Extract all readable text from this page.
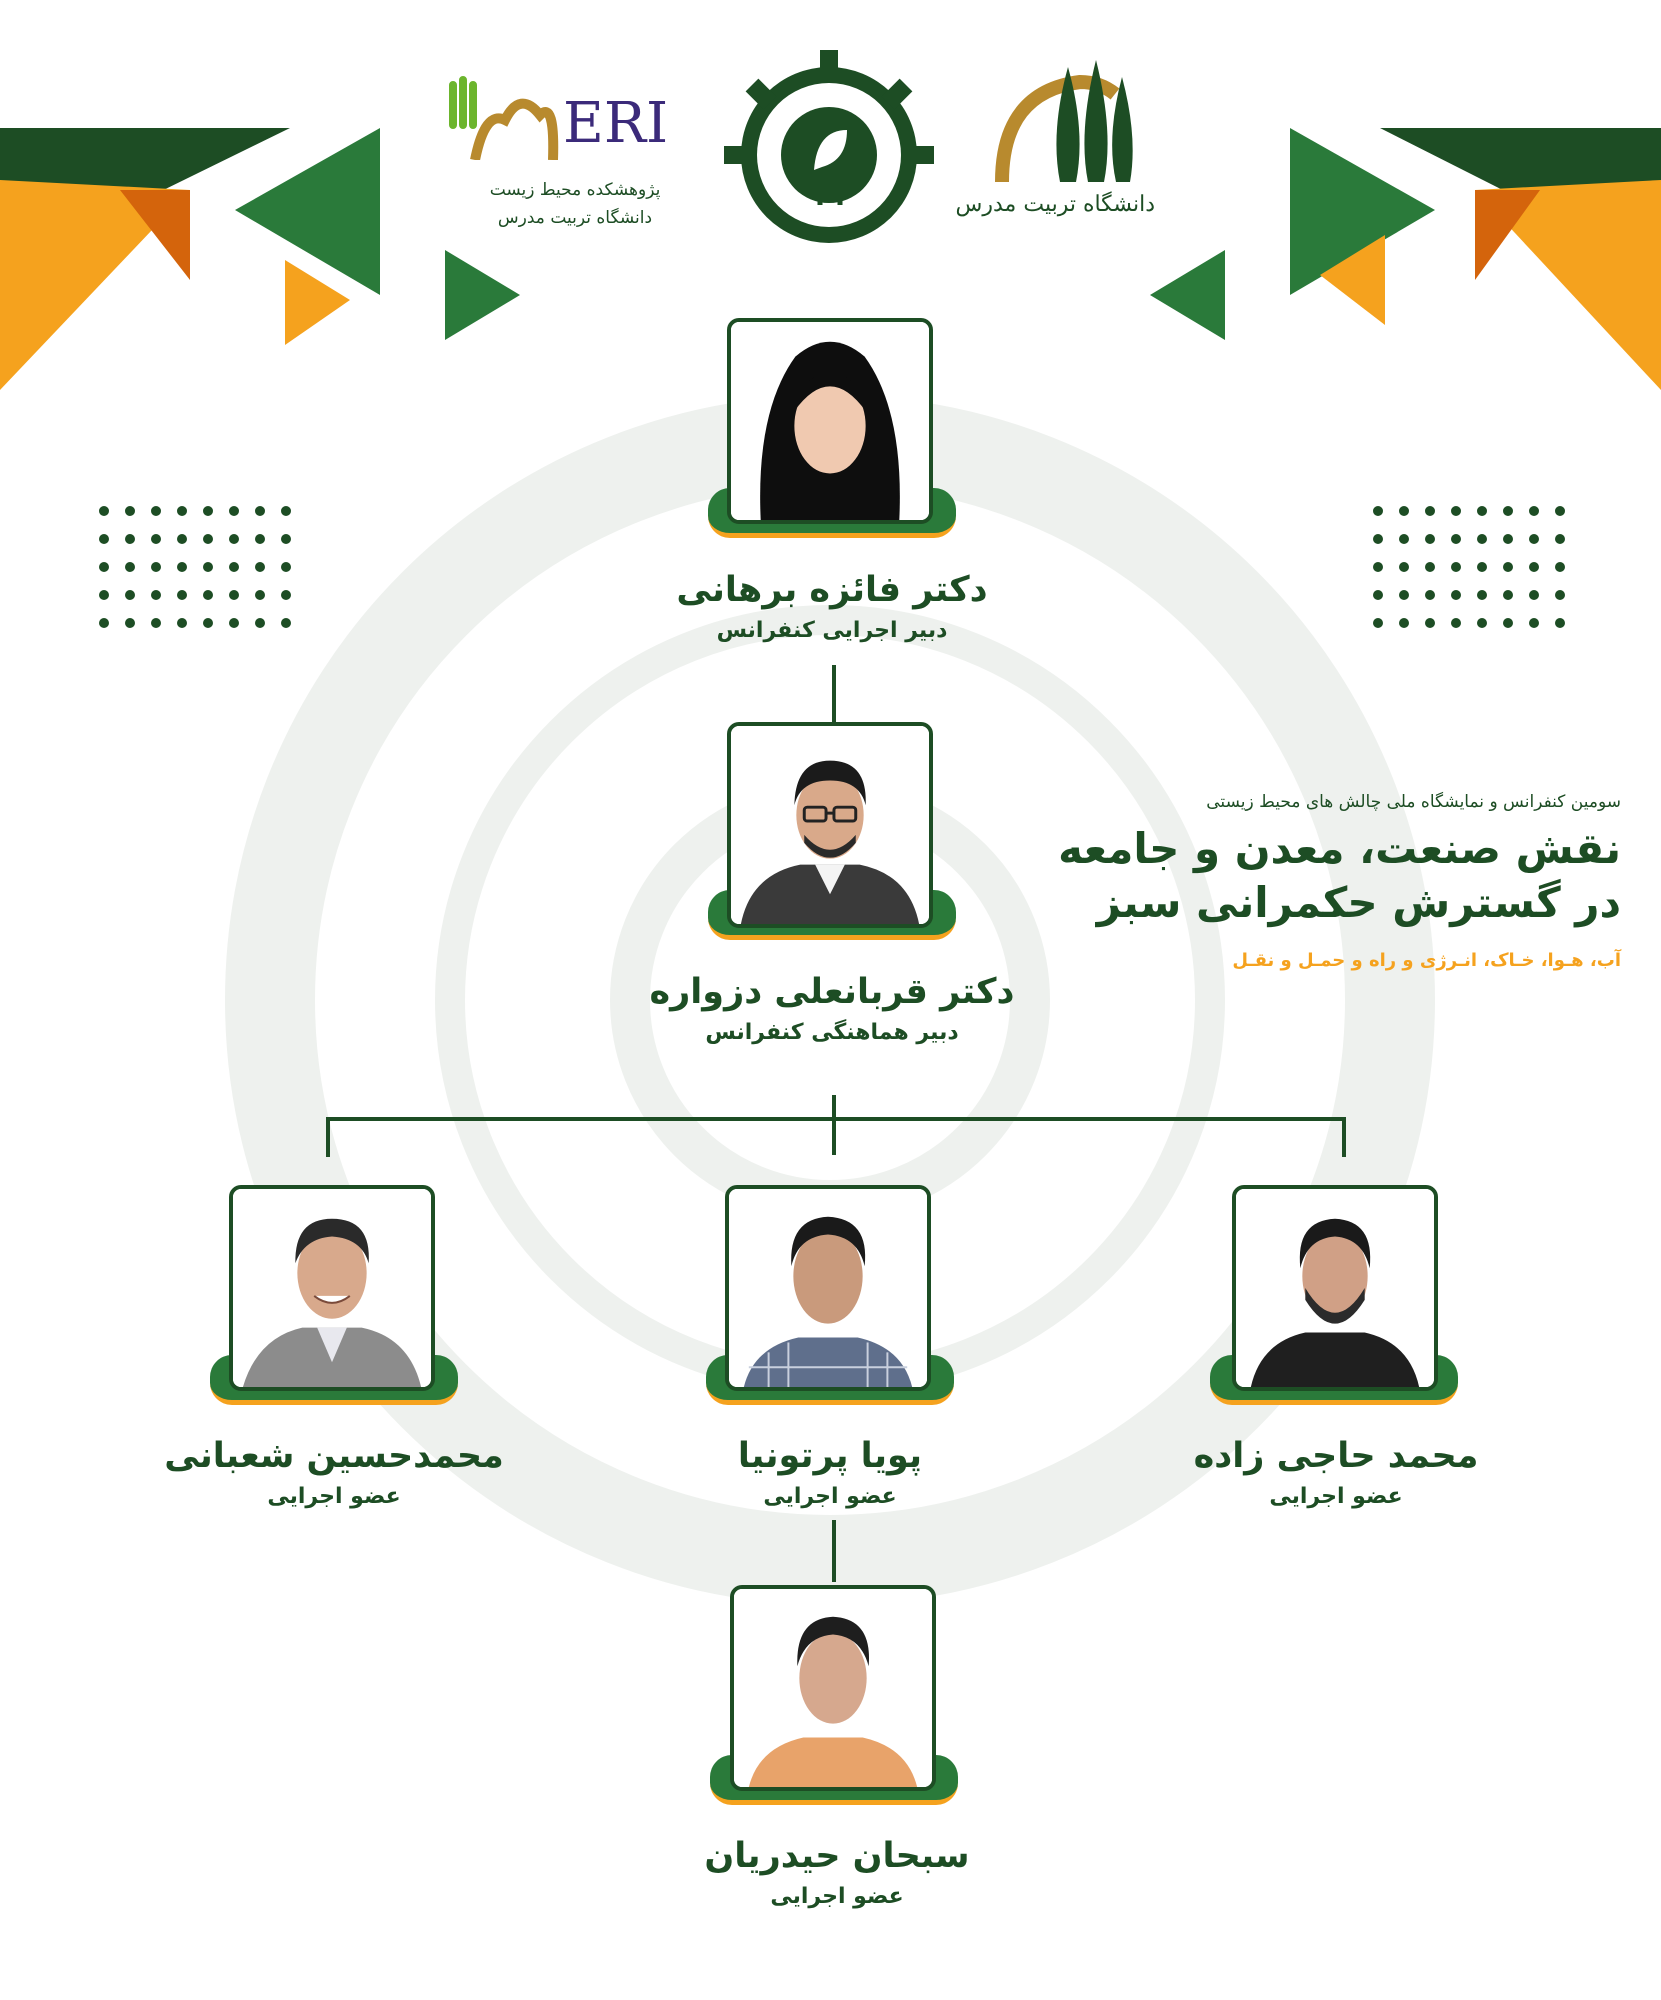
ERI
پژوهشکده محیط زیست
دانشگاه تربیت مدرس
دانشگاه تربیت مدرس
سومین کنفرانس و نمایشگاه ملی چالش های محیط زیستی
نقش صنعت، معدن و جامعه
در گسترش حکمرانی سبز
آب، هـوا، خـاک، انـرژی و راه و حمـل و نقـل
دکتر فائزه برهانی
دبیر اجرایی کنفرانس
دکتر قربانعلی دزواره
دبیر هماهنگی کنفرانس
محمدحسین شعبانی
عضو اجرایی
پویا پرتونیا
عضو اجرایی
محمد حاجی زاده
عضو اجرایی
سبحان حیدریان
عضو اجرایی
